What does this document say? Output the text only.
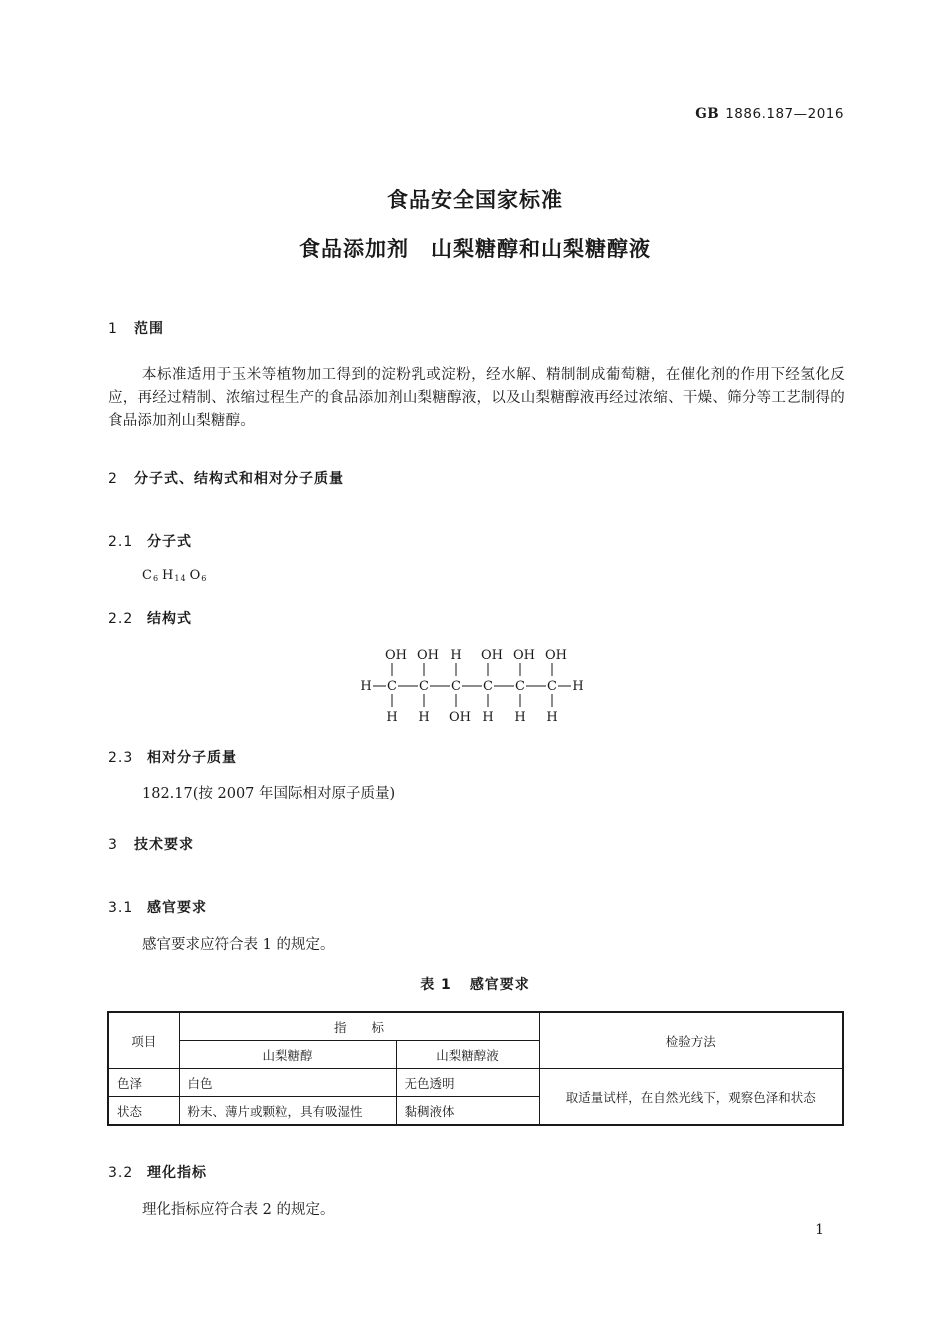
GB 1886.187—2016
食品安全国家标准
食品添加剂　山梨糖醇和山梨糖醇液
1 范围
本标准适用于玉米等植物加工得到的淀粉乳或淀粉，经水解、精制制成葡萄糖，在催化剂的作用下经氢化反应，再经过精制、浓缩过程生产的食品添加剂山梨糖醇液，以及山梨糖醇液再经过浓缩、干燥、筛分等工艺制得的食品添加剂山梨糖醇。
2 分子式、结构式和相对分子质量
2.1 分子式
$C_6$ $H_{14}$ $O_6$
2.2 结构式
H
OH
C
H
OH
C
H
H
C
OH
OH
C
H
OH
C
H
OH
C
H
H
2.3 相对分子质量
182.17(按 2007 年国际相对原子质量)
3 技术要求
3.1 感官要求
感官要求应符合表 1 的规定。
表 1 感官要求
项目	指　　标		检验方法
	山梨糖醇	山梨糖醇液	
色泽	白色	无色透明	取适量试样，在自然光线下，观察色泽和状态
状态	粉末、薄片或颗粒，具有吸湿性	黏稠液体	
3.2 理化指标
理化指标应符合表 2 的规定。
1
